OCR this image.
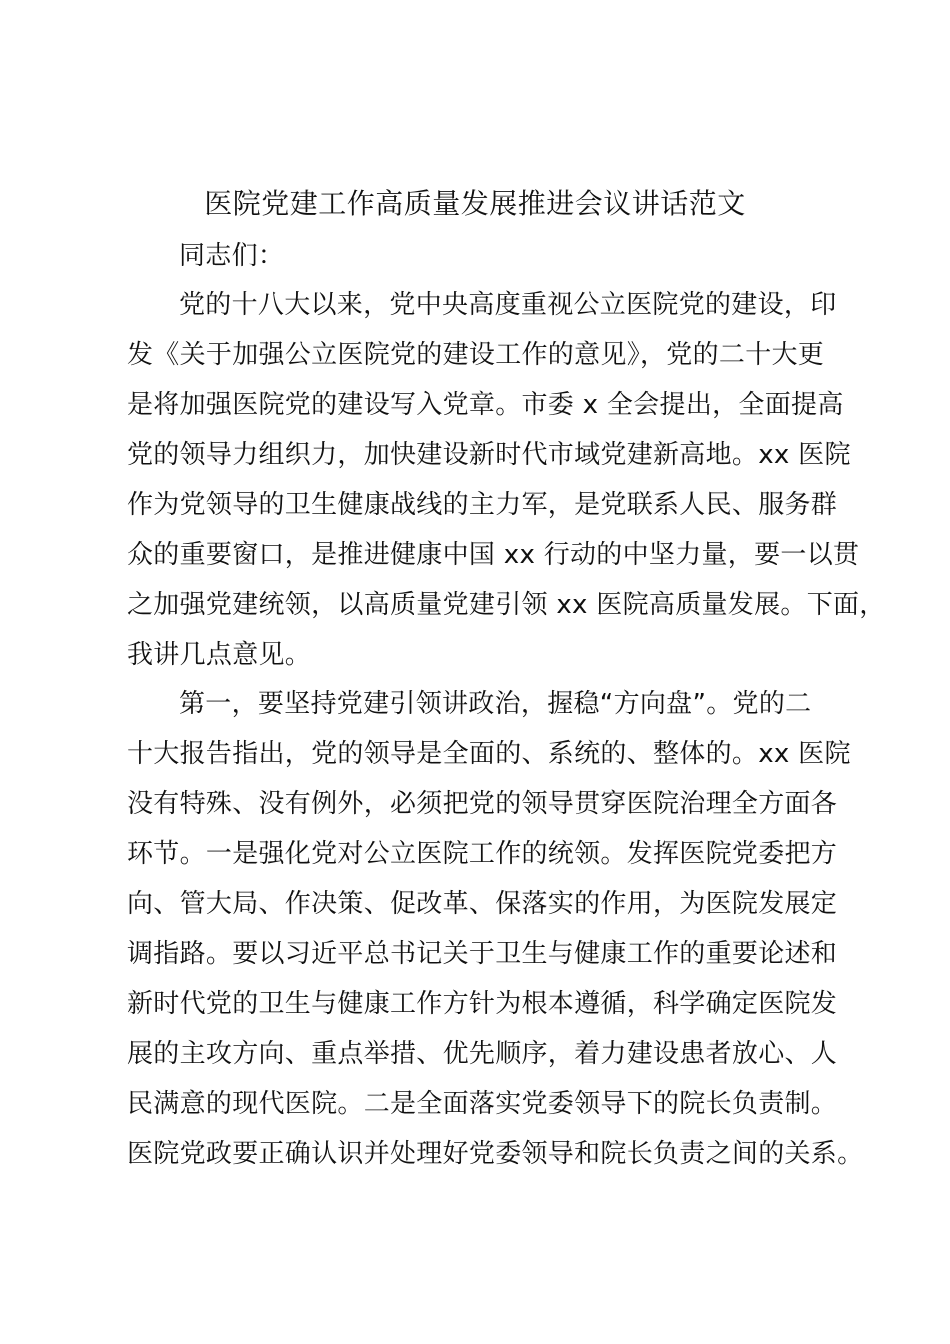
医院党建工作高质量发展推进会议讲话范文
同志们：
党的十八大以来，党中央高度重视公立医院党的建设，印
发《关于加强公立医院党的建设工作的意见》，党的二十大更
是将加强医院党的建设写入党章。市委 x 全会提出，全面提高
党的领导力组织力，加快建设新时代市域党建新高地。xx 医院
作为党领导的卫生健康战线的主力军，是党联系人民、服务群
众的重要窗口，是推进健康中国 xx 行动的中坚力量，要一以贯
之加强党建统领，以高质量党建引领 xx 医院高质量发展。下面，
我讲几点意见。
第一，要坚持党建引领讲政治，握稳“方向盘”。党的二
十大报告指出，党的领导是全面的、系统的、整体的。xx 医院
没有特殊、没有例外，必须把党的领导贯穿医院治理全方面各
环节。一是强化党对公立医院工作的统领。发挥医院党委把方
向、管大局、作决策、促改革、保落实的作用，为医院发展定
调指路。要以习近平总书记关于卫生与健康工作的重要论述和
新时代党的卫生与健康工作方针为根本遵循，科学确定医院发
展的主攻方向、重点举措、优先顺序，着力建设患者放心、人
民满意的现代医院。二是全面落实党委领导下的院长负责制。
医院党政要正确认识并处理好党委领导和院长负责之间的关系。
